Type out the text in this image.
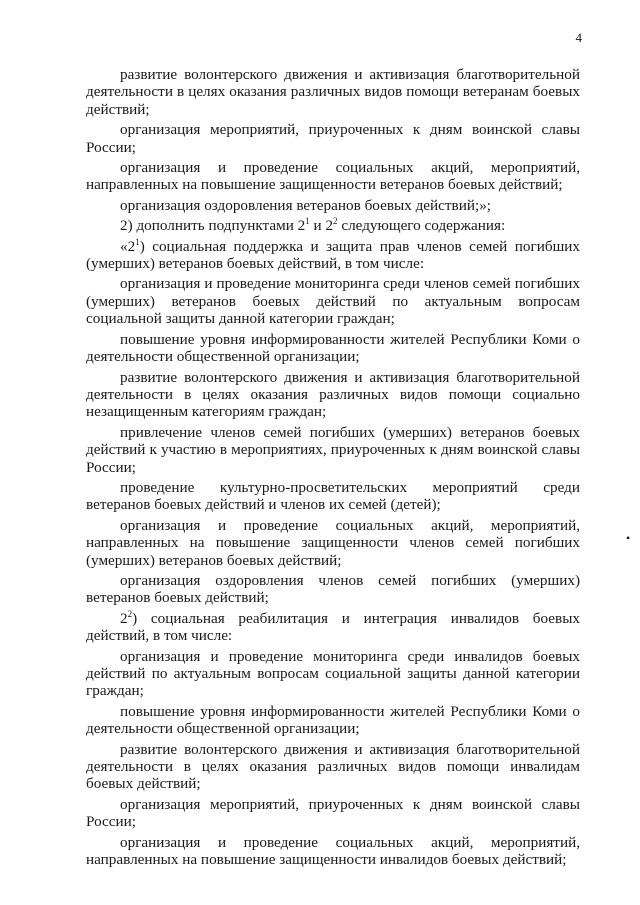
4

развитие волонтерского движения и активизация благотворительной деятельности в целях оказания различных видов помощи ветеранам боевых действий;

организация мероприятий, приуроченных к дням воинской славы России;

организация и проведение социальных акций, мероприятий, направленных на повышение защищенности ветеранов боевых действий;

организация оздоровления ветеранов боевых действий;»;

2) дополнить подпунктами $2^1$ и $2^2$ следующего содержания:

«$2^1$) социальная поддержка и защита прав членов семей погибших (умерших) ветеранов боевых действий, в том числе:

организация и проведение мониторинга среди членов семей погибших (умерших) ветеранов боевых действий по актуальным вопросам социальной защиты данной категории граждан;

повышение уровня информированности жителей Республики Коми о деятельности общественной организации;

развитие волонтерского движения и активизация благотворительной деятельности в целях оказания различных видов помощи социально незащищенным категориям граждан;

привлечение членов семей погибших (умерших) ветеранов боевых действий к участию в мероприятиях, приуроченных к дням воинской славы России;

проведение культурно-просветительских мероприятий среди ветеранов боевых действий и членов их семей (детей);

организация и проведение социальных акций, мероприятий, направленных на повышение защищенности членов семей погибших (умерших) ветеранов боевых действий;

организация оздоровления членов семей погибших (умерших) ветеранов боевых действий;

$2^2$) социальная реабилитация и интеграция инвалидов боевых действий, в том числе:

организация и проведение мониторинга среди инвалидов боевых действий по актуальным вопросам социальной защиты данной категории граждан;

повышение уровня информированности жителей Республики Коми о деятельности общественной организации;

развитие волонтерского движения и активизация благотворительной деятельности в целях оказания различных видов помощи инвалидам боевых действий;

организация мероприятий, приуроченных к дням воинской славы России;

организация и проведение социальных акций, мероприятий, направленных на повышение защищенности инвалидов боевых действий;

•
